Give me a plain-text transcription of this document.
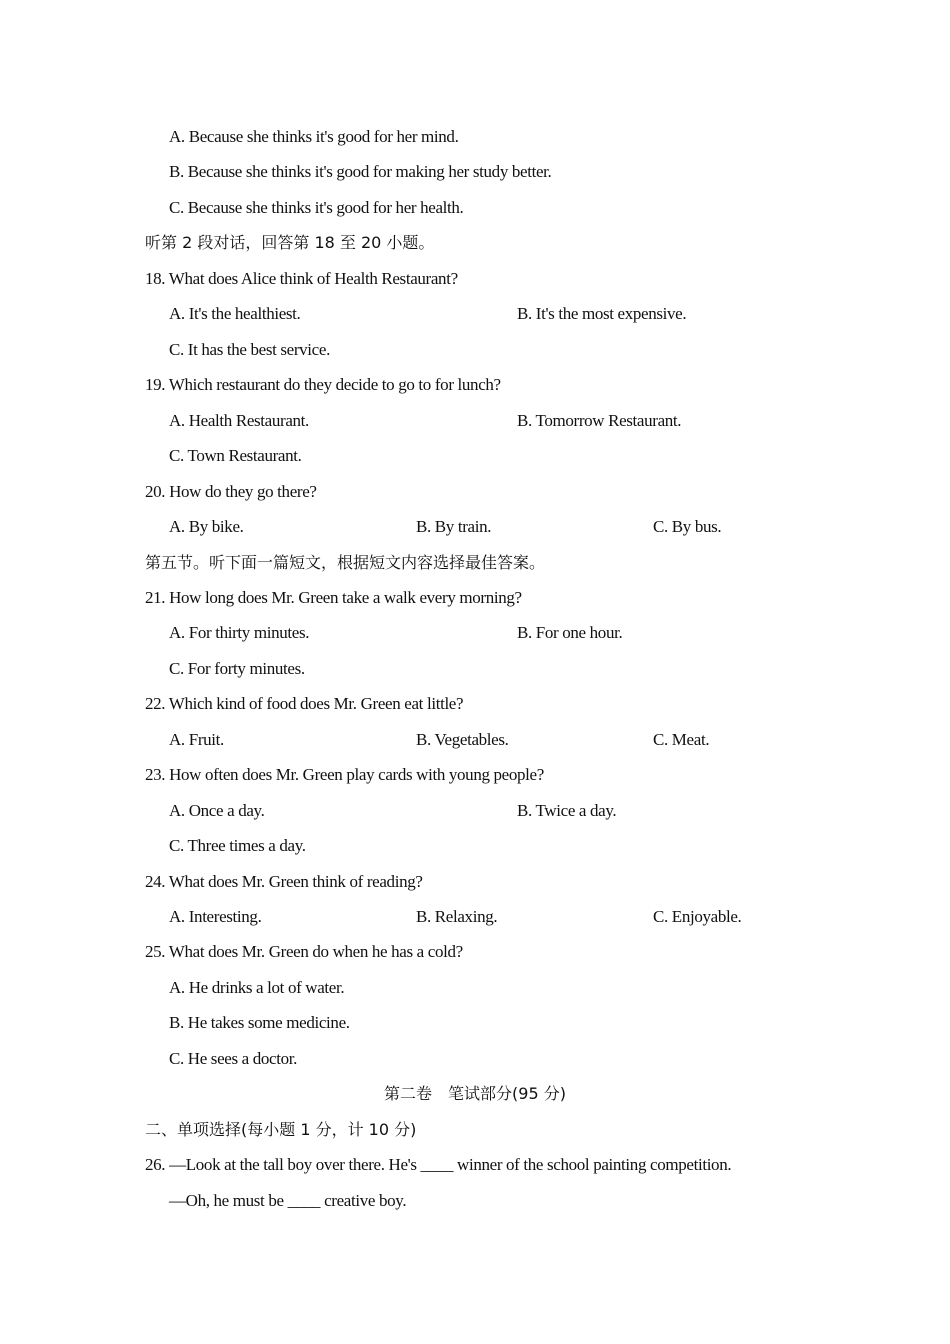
A. Because she thinks it's good for her mind.
B. Because she thinks it's good for making her study better.
C. Because she thinks it's good for her health.
听第 2 段对话，回答第 18 至 20 小题。
18. What does Alice think of Health Restaurant?
A. It's the healthiest.	B. It's the most expensive.
C. It has the best service.
19. Which restaurant do they decide to go to for lunch?
A. Health Restaurant.	B. Tomorrow Restaurant.
C. Town Restaurant.
20. How do they go there?
A. By bike.	B. By train.	C. By bus.
第五节。听下面一篇短文，根据短文内容选择最佳答案。
21. How long does Mr. Green take a walk every morning?
A. For thirty minutes.	B. For one hour.
C. For forty minutes.
22. Which kind of food does Mr. Green eat little?
A. Fruit.	B. Vegetables.	C. Meat.
23. How often does Mr. Green play cards with young people?
A. Once a day.	B. Twice a day.
C. Three times a day.
24. What does Mr. Green think of reading?
A. Interesting.	B. Relaxing.	C. Enjoyable.
25. What does Mr. Green do when he has a cold?
A. He drinks a lot of water.
B. He takes some medicine.
C. He sees a doctor.
第二卷　笔试部分(95 分)
二、单项选择(每小题 1 分，计 10 分)
26. —Look at the tall boy over there. He's ____ winner of the school painting competition.
—Oh, he must be ____ creative boy.
